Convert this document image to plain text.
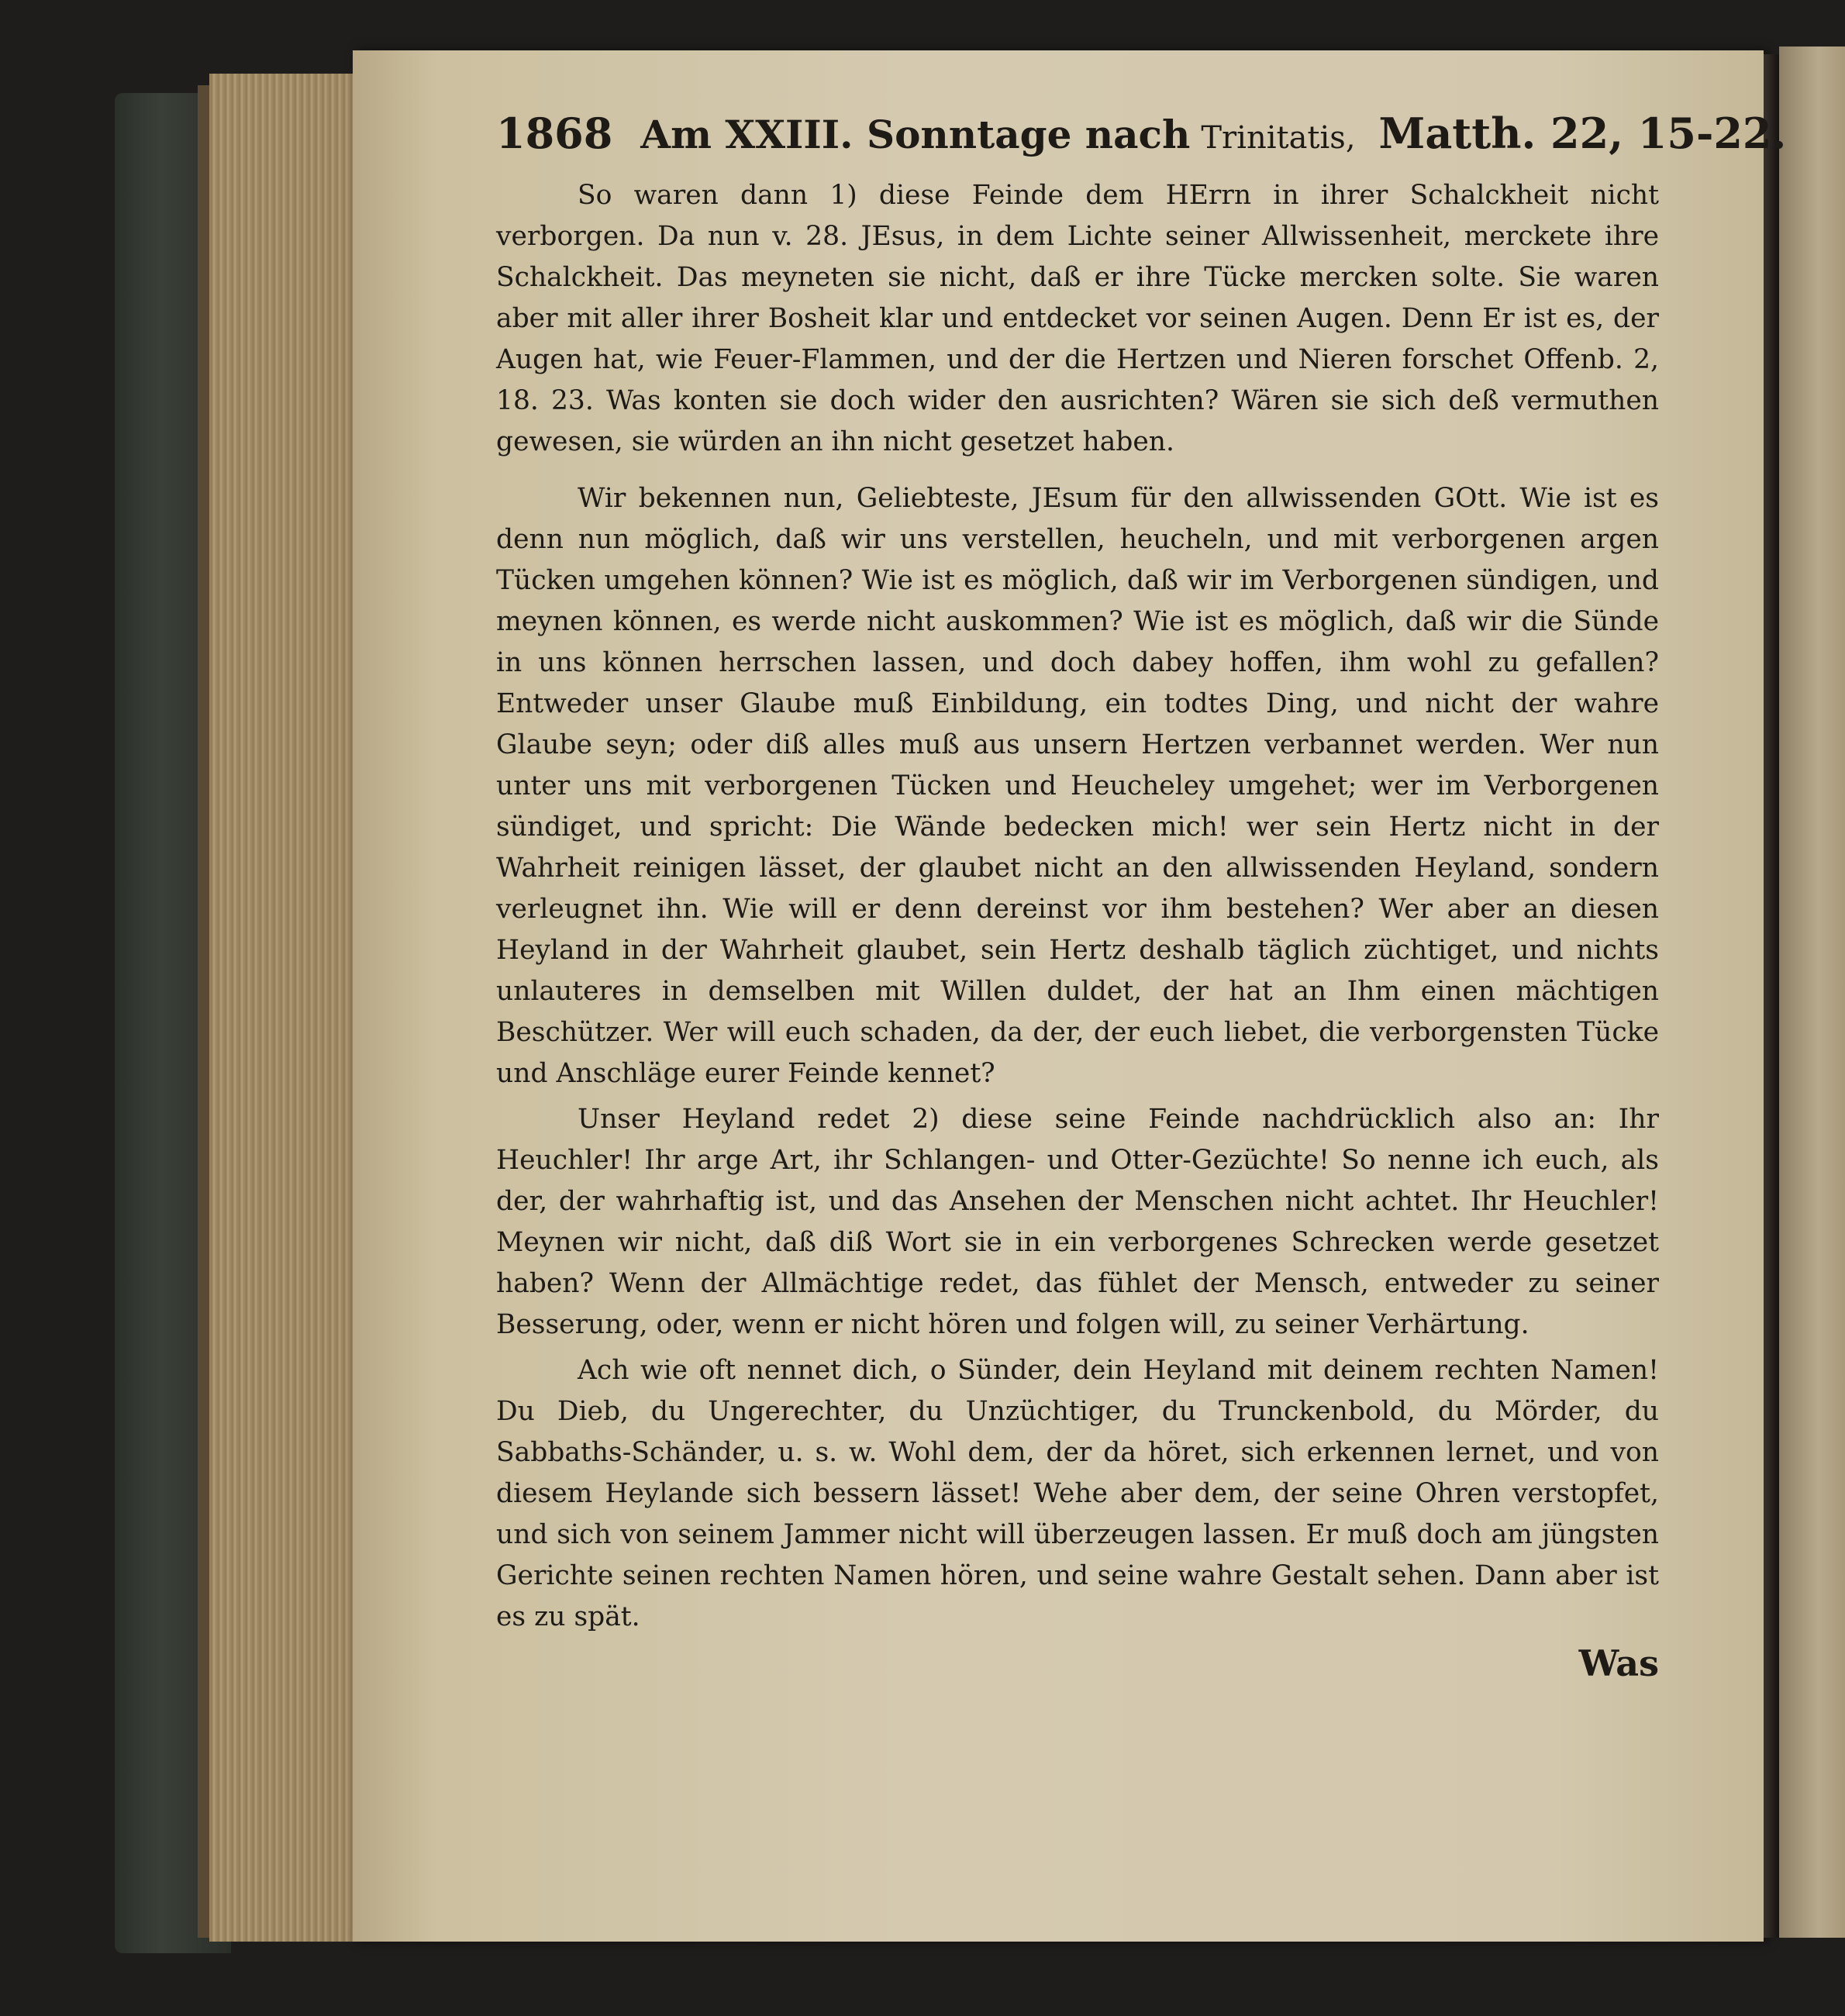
1868 Am XXIII. Sonntage nach Trinitatis, Matth. 22, 15-22.

So waren dann 1) diese Feinde dem HErrn in ihrer Schalckheit nicht verborgen. Da nun v. 28. JEsus, in dem Lichte seiner Allwissenheit, merckete ihre Schalckheit. Das meyneten sie nicht, daß er ihre Tücke mercken solte. Sie waren aber mit aller ihrer Bosheit klar und entdecket vor seinen Augen. Denn Er ist es, der Augen hat, wie Feuer-Flammen, und der die Hertzen und Nieren forschet Offenb. 2, 18. 23. Was konten sie doch wider den ausrichten? Wären sie sich deß vermuthen gewesen, sie würden an ihn nicht gesetzet haben.

Wir bekennen nun, Geliebteste, JEsum für den allwissenden GOtt. Wie ist es denn nun möglich, daß wir uns verstellen, heucheln, und mit verborgenen argen Tücken umgehen können? Wie ist es möglich, daß wir im Verborgenen sündigen, und meynen können, es werde nicht auskommen? Wie ist es möglich, daß wir die Sünde in uns können herrschen lassen, und doch dabey hoffen, ihm wohl zu gefallen? Entweder unser Glaube muß Einbildung, ein todtes Ding, und nicht der wahre Glaube seyn; oder diß alles muß aus unsern Hertzen verbannet werden. Wer nun unter uns mit verborgenen Tücken und Heucheley umgehet; wer im Verborgenen sündiget, und spricht: Die Wände bedecken mich! wer sein Hertz nicht in der Wahrheit reinigen lässet, der glaubet nicht an den allwissenden Heyland, sondern verleugnet ihn. Wie will er denn dereinst vor ihm bestehen? Wer aber an diesen Heyland in der Wahrheit glaubet, sein Hertz deshalb täglich züchtiget, und nichts unlauteres in demselben mit Willen duldet, der hat an Ihm einen mächtigen Beschützer. Wer will euch schaden, da der, der euch liebet, die verborgensten Tücke und Anschläge eurer Feinde kennet?

Unser Heyland redet 2) diese seine Feinde nachdrücklich also an: Ihr Heuchler! Ihr arge Art, ihr Schlangen- und Otter-Gezüchte! So nenne ich euch, als der, der wahrhaftig ist, und das Ansehen der Menschen nicht achtet. Ihr Heuchler! Meynen wir nicht, daß diß Wort sie in ein verborgenes Schrecken werde gesetzet haben? Wenn der Allmächtige redet, das fühlet der Mensch, entweder zu seiner Besserung, oder, wenn er nicht hören und folgen will, zu seiner Verhärtung.

Ach wie oft nennet dich, o Sünder, dein Heyland mit deinem rechten Namen! Du Dieb, du Ungerechter, du Unzüchtiger, du Trunckenbold, du Mörder, du Sabbaths-Schänder, u. s. w. Wohl dem, der da höret, sich erkennen lernet, und von diesem Heylande sich bessern lässet! Wehe aber dem, der seine Ohren verstopfet, und sich von seinem Jammer nicht will überzeugen lassen. Er muß doch am jüngsten Gerichte seinen rechten Namen hören, und seine wahre Gestalt sehen. Dann aber ist es zu spät.

Was
